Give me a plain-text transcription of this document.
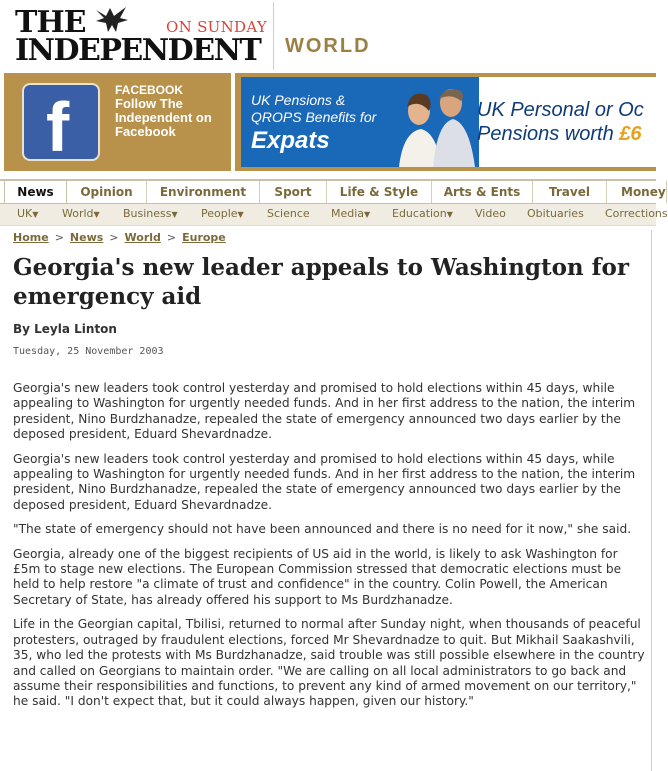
THE	ON SUNDAY
INDEPENDENT WORLD
f	FACEBOOK
Follow The Independent on Facebook
UK Pensions &
QROPS Benefits for
Expats
UK Personal or Oc
Pensions worth £6
News	Opinion	Environment	Sport	Life & Style	Arts & Ents	Travel	Money
UK▼ World▼ Business▼ People▼ Science Media▼ Education▼ Video Obituaries Corrections
Home > News > World > Europe
Georgia's new leader appeals to Washington for emergency aid
By Leyla Linton
Tuesday, 25 November 2003

Georgia's new leaders took control yesterday and promised to hold elections within 45 days, while appealing to Washington for urgently needed funds. And in her first address to the nation, the interim president, Nino Burdzhanadze, repealed the state of emergency announced two days earlier by the deposed president, Eduard Shevardnadze.

Georgia's new leaders took control yesterday and promised to hold elections within 45 days, while appealing to Washington for urgently needed funds. And in her first address to the nation, the interim president, Nino Burdzhanadze, repealed the state of emergency announced two days earlier by the deposed president, Eduard Shevardnadze.

"The state of emergency should not have been announced and there is no need for it now," she said.

Georgia, already one of the biggest recipients of US aid in the world, is likely to ask Washington for £5m to stage new elections. The European Commission stressed that democratic elections must be held to help restore "a climate of trust and confidence" in the country. Colin Powell, the American Secretary of State, has already offered his support to Ms Burdzhanadze.

Life in the Georgian capital, Tbilisi, returned to normal after Sunday night, when thousands of peaceful protesters, outraged by fraudulent elections, forced Mr Shevardnadze to quit. But Mikhail Saakashvili, 35, who led the protests with Ms Burdzhanadze, said trouble was still possible elsewhere in the country and called on Georgians to maintain order. "We are calling on all local administrators to go back and assume their responsibilities and functions, to prevent any kind of armed movement on our territory," he said. "I don't expect that, but it could always happen, given our history."
